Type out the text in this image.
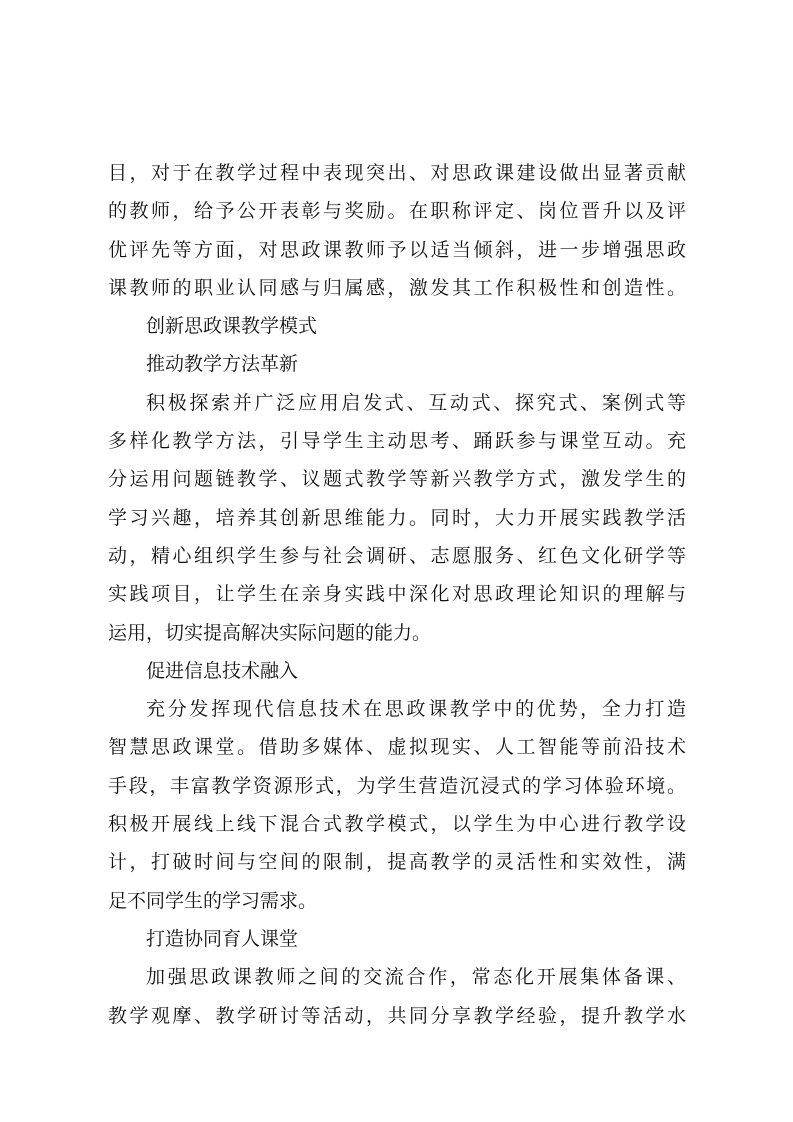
目，对于在教学过程中表现突出、对思政课建设做出显著贡献
的教师，给予公开表彰与奖励。在职称评定、岗位晋升以及评
优评先等方面，对思政课教师予以适当倾斜，进一步增强思政
课教师的职业认同感与归属感，激发其工作积极性和创造性。
创新思政课教学模式
推动教学方法革新
积极探索并广泛应用启发式、互动式、探究式、案例式等
多样化教学方法，引导学生主动思考、踊跃参与课堂互动。充
分运用问题链教学、议题式教学等新兴教学方式，激发学生的
学习兴趣，培养其创新思维能力。同时，大力开展实践教学活
动，精心组织学生参与社会调研、志愿服务、红色文化研学等
实践项目，让学生在亲身实践中深化对思政理论知识的理解与
运用，切实提高解决实际问题的能力。
促进信息技术融入
充分发挥现代信息技术在思政课教学中的优势，全力打造
智慧思政课堂。借助多媒体、虚拟现实、人工智能等前沿技术
手段，丰富教学资源形式，为学生营造沉浸式的学习体验环境。
积极开展线上线下混合式教学模式，以学生为中心进行教学设
计，打破时间与空间的限制，提高教学的灵活性和实效性，满
足不同学生的学习需求。
打造协同育人课堂
加强思政课教师之间的交流合作，常态化开展集体备课、
教学观摩、教学研讨等活动，共同分享教学经验，提升教学水
